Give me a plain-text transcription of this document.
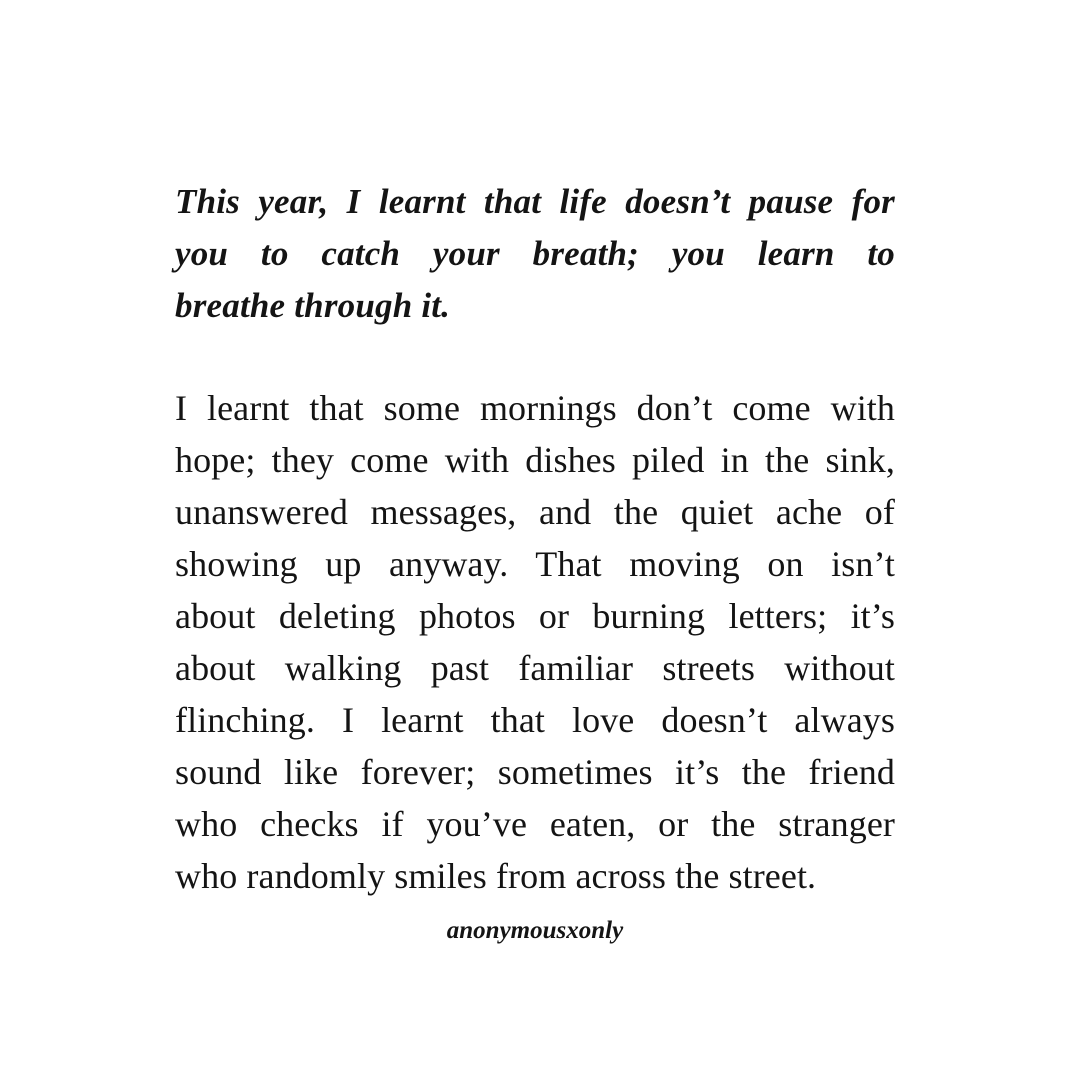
This year, I learnt that life doesn’t pause for
you to catch your breath; you learn to
breathe through it.
I learnt that some mornings don’t come with
hope; they come with dishes piled in the sink,
unanswered messages, and the quiet ache of
showing up anyway. That moving on isn’t
about deleting photos or burning letters; it’s
about walking past familiar streets without
flinching. I learnt that love doesn’t always
sound like forever; sometimes it’s the friend
who checks if you’ve eaten, or the stranger
who randomly smiles from across the street.
anonymousxonly
